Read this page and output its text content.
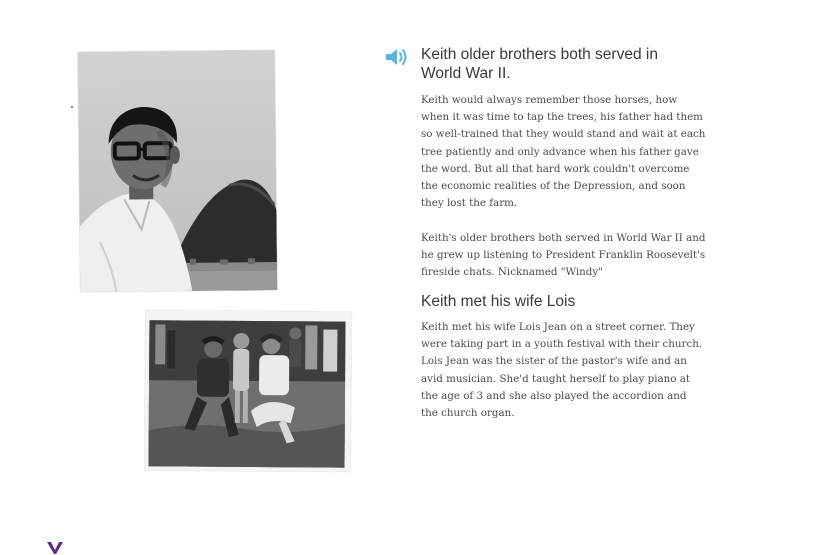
Keith older brothers both served in World War II.

Keith would always remember those horses, how when it was time to tap the trees, his father had them so well-trained that they would stand and wait at each tree patiently and only advance when his father gave the word. But all that hard work couldn't overcome the economic realities of the Depression, and soon they lost the farm.

Keith's older brothers both served in World War II and he grew up listening to President Franklin Roosevelt's fireside chats. Nicknamed "Windy"

Keith met his wife Lois

Keith met his wife Lois Jean on a street corner. They were taking part in a youth festival with their church. Lois Jean was the sister of the pastor's wife and an avid musician. She'd taught herself to play piano at the age of 3 and she also played the accordion and the church organ.
